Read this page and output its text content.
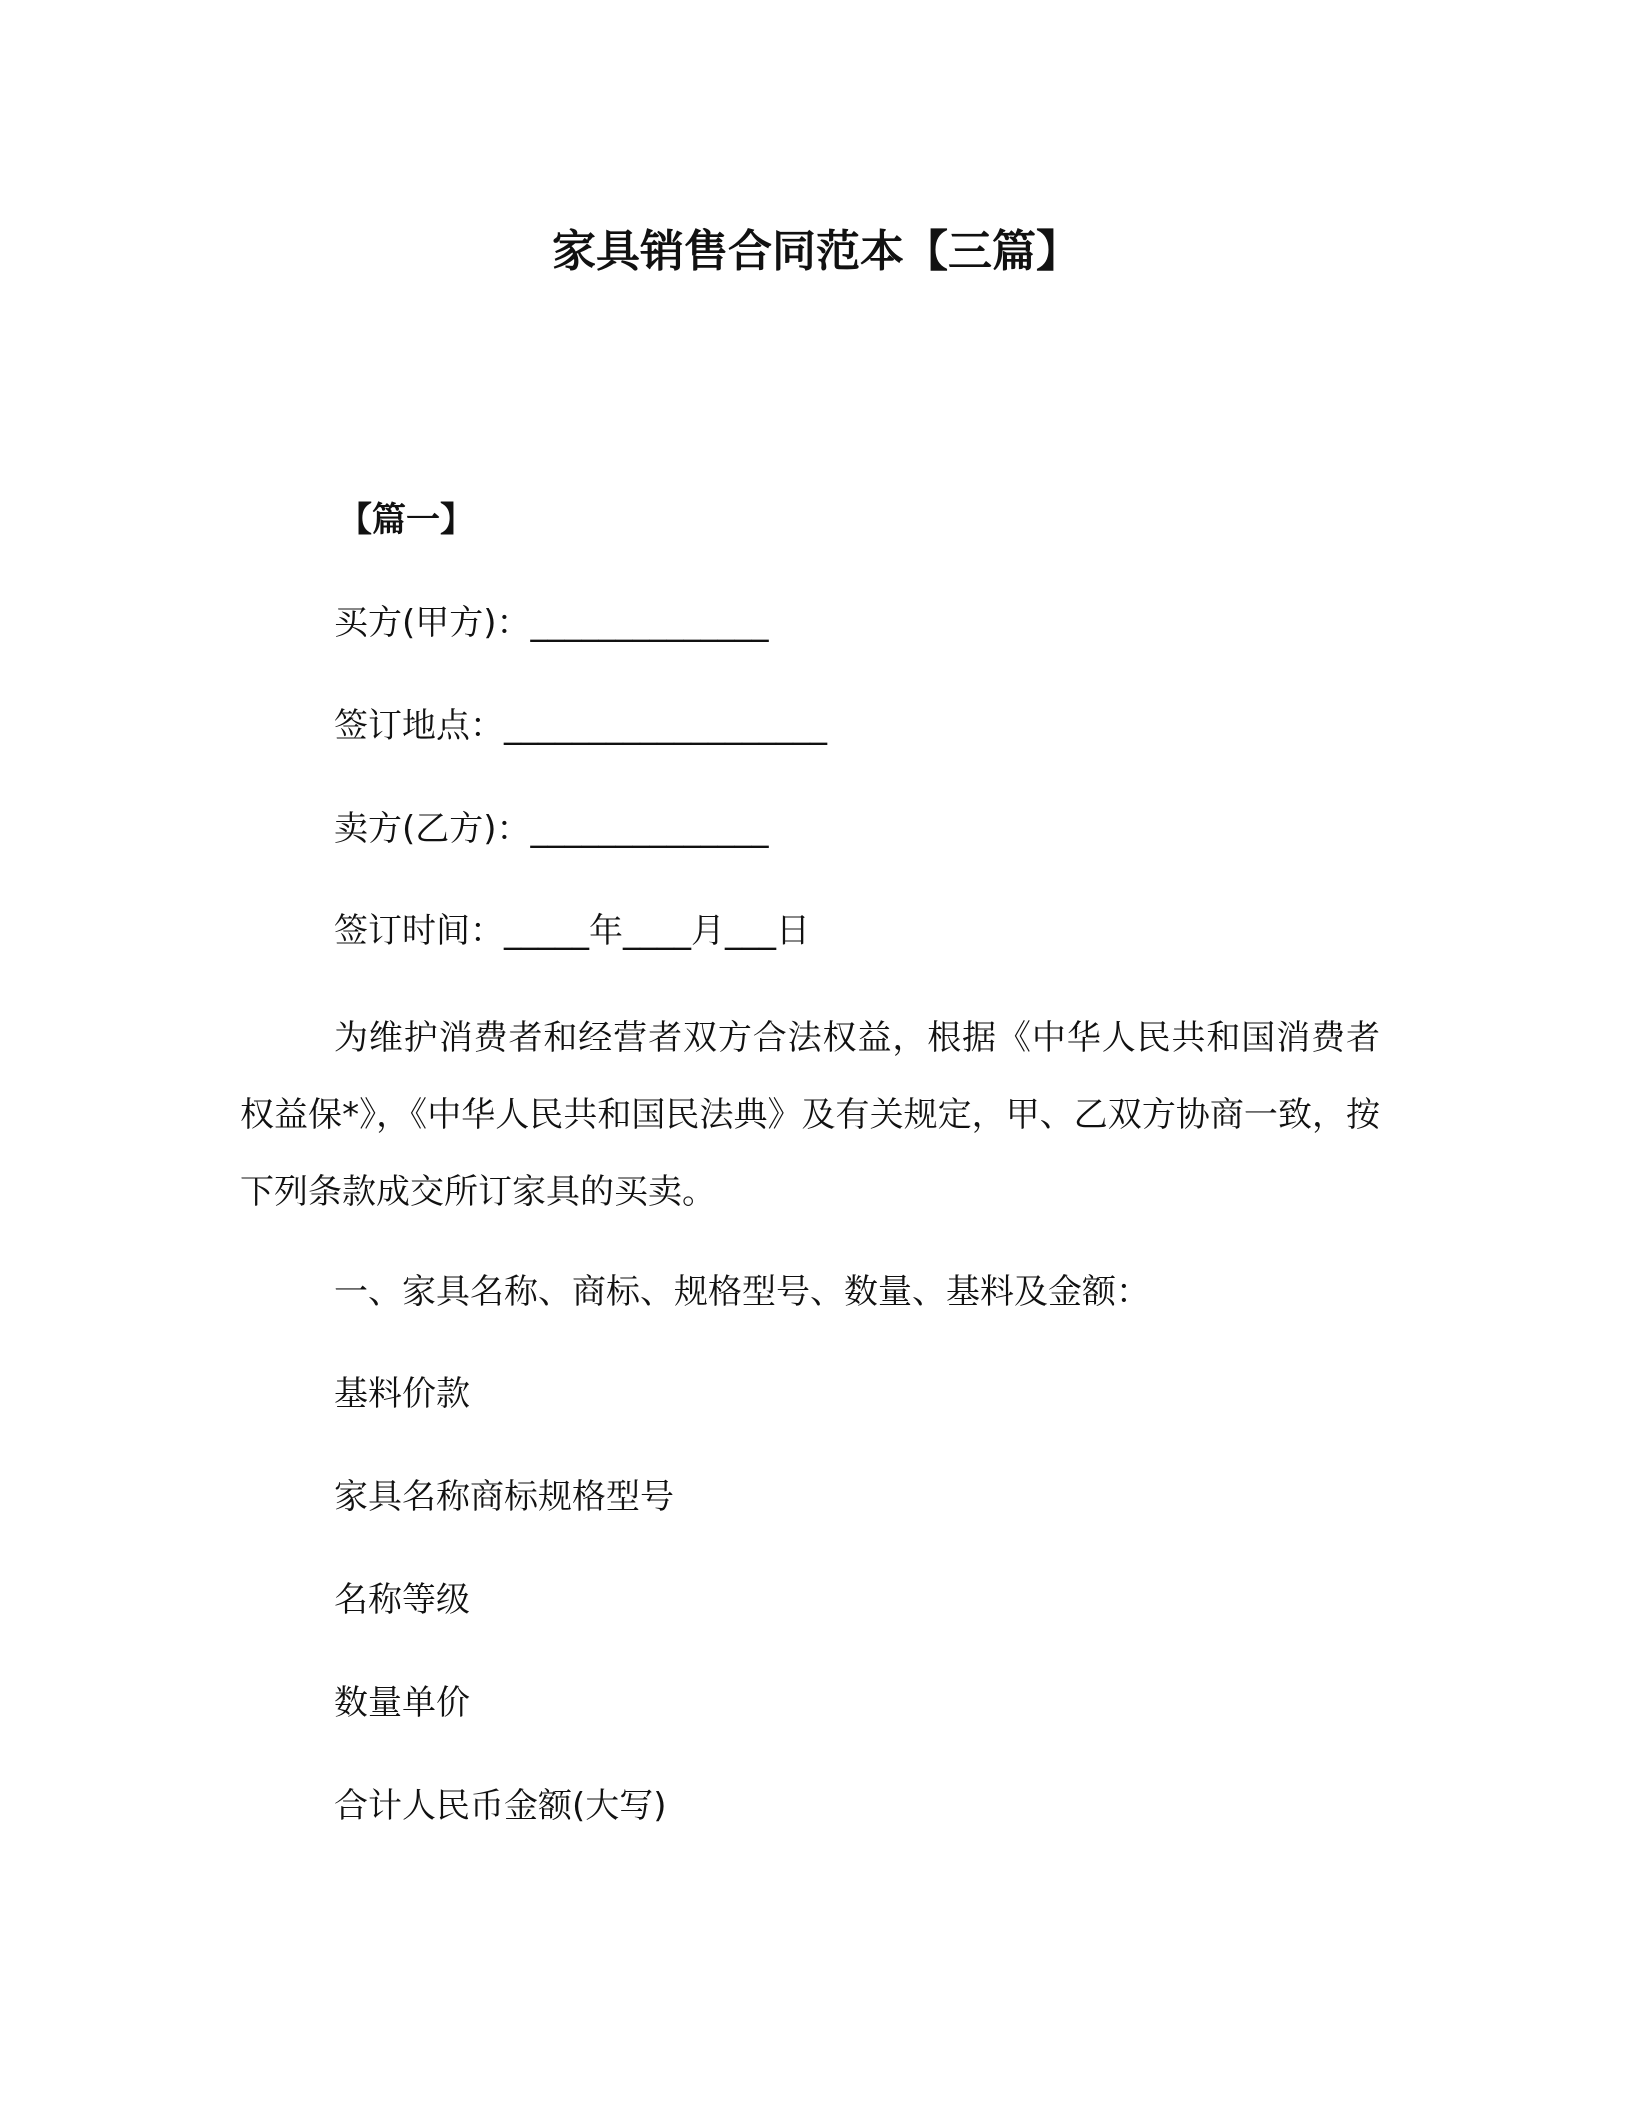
家具销售合同范本【三篇】
【篇一】
买方(甲方)：______________
签订地点：___________________
卖方(乙方)：______________
签订时间：_____年____月___日
为维护消费者和经营者双方合法权益，根据《中华人民共和国消费者权益保*》，《中华人民共和国民法典》及有关规定，甲、乙双方协商一致，按下列条款成交所订家具的买卖。
一、家具名称、商标、规格型号、数量、基料及金额：
基料价款
家具名称商标规格型号
名称等级
数量单价
合计人民币金额(大写)
